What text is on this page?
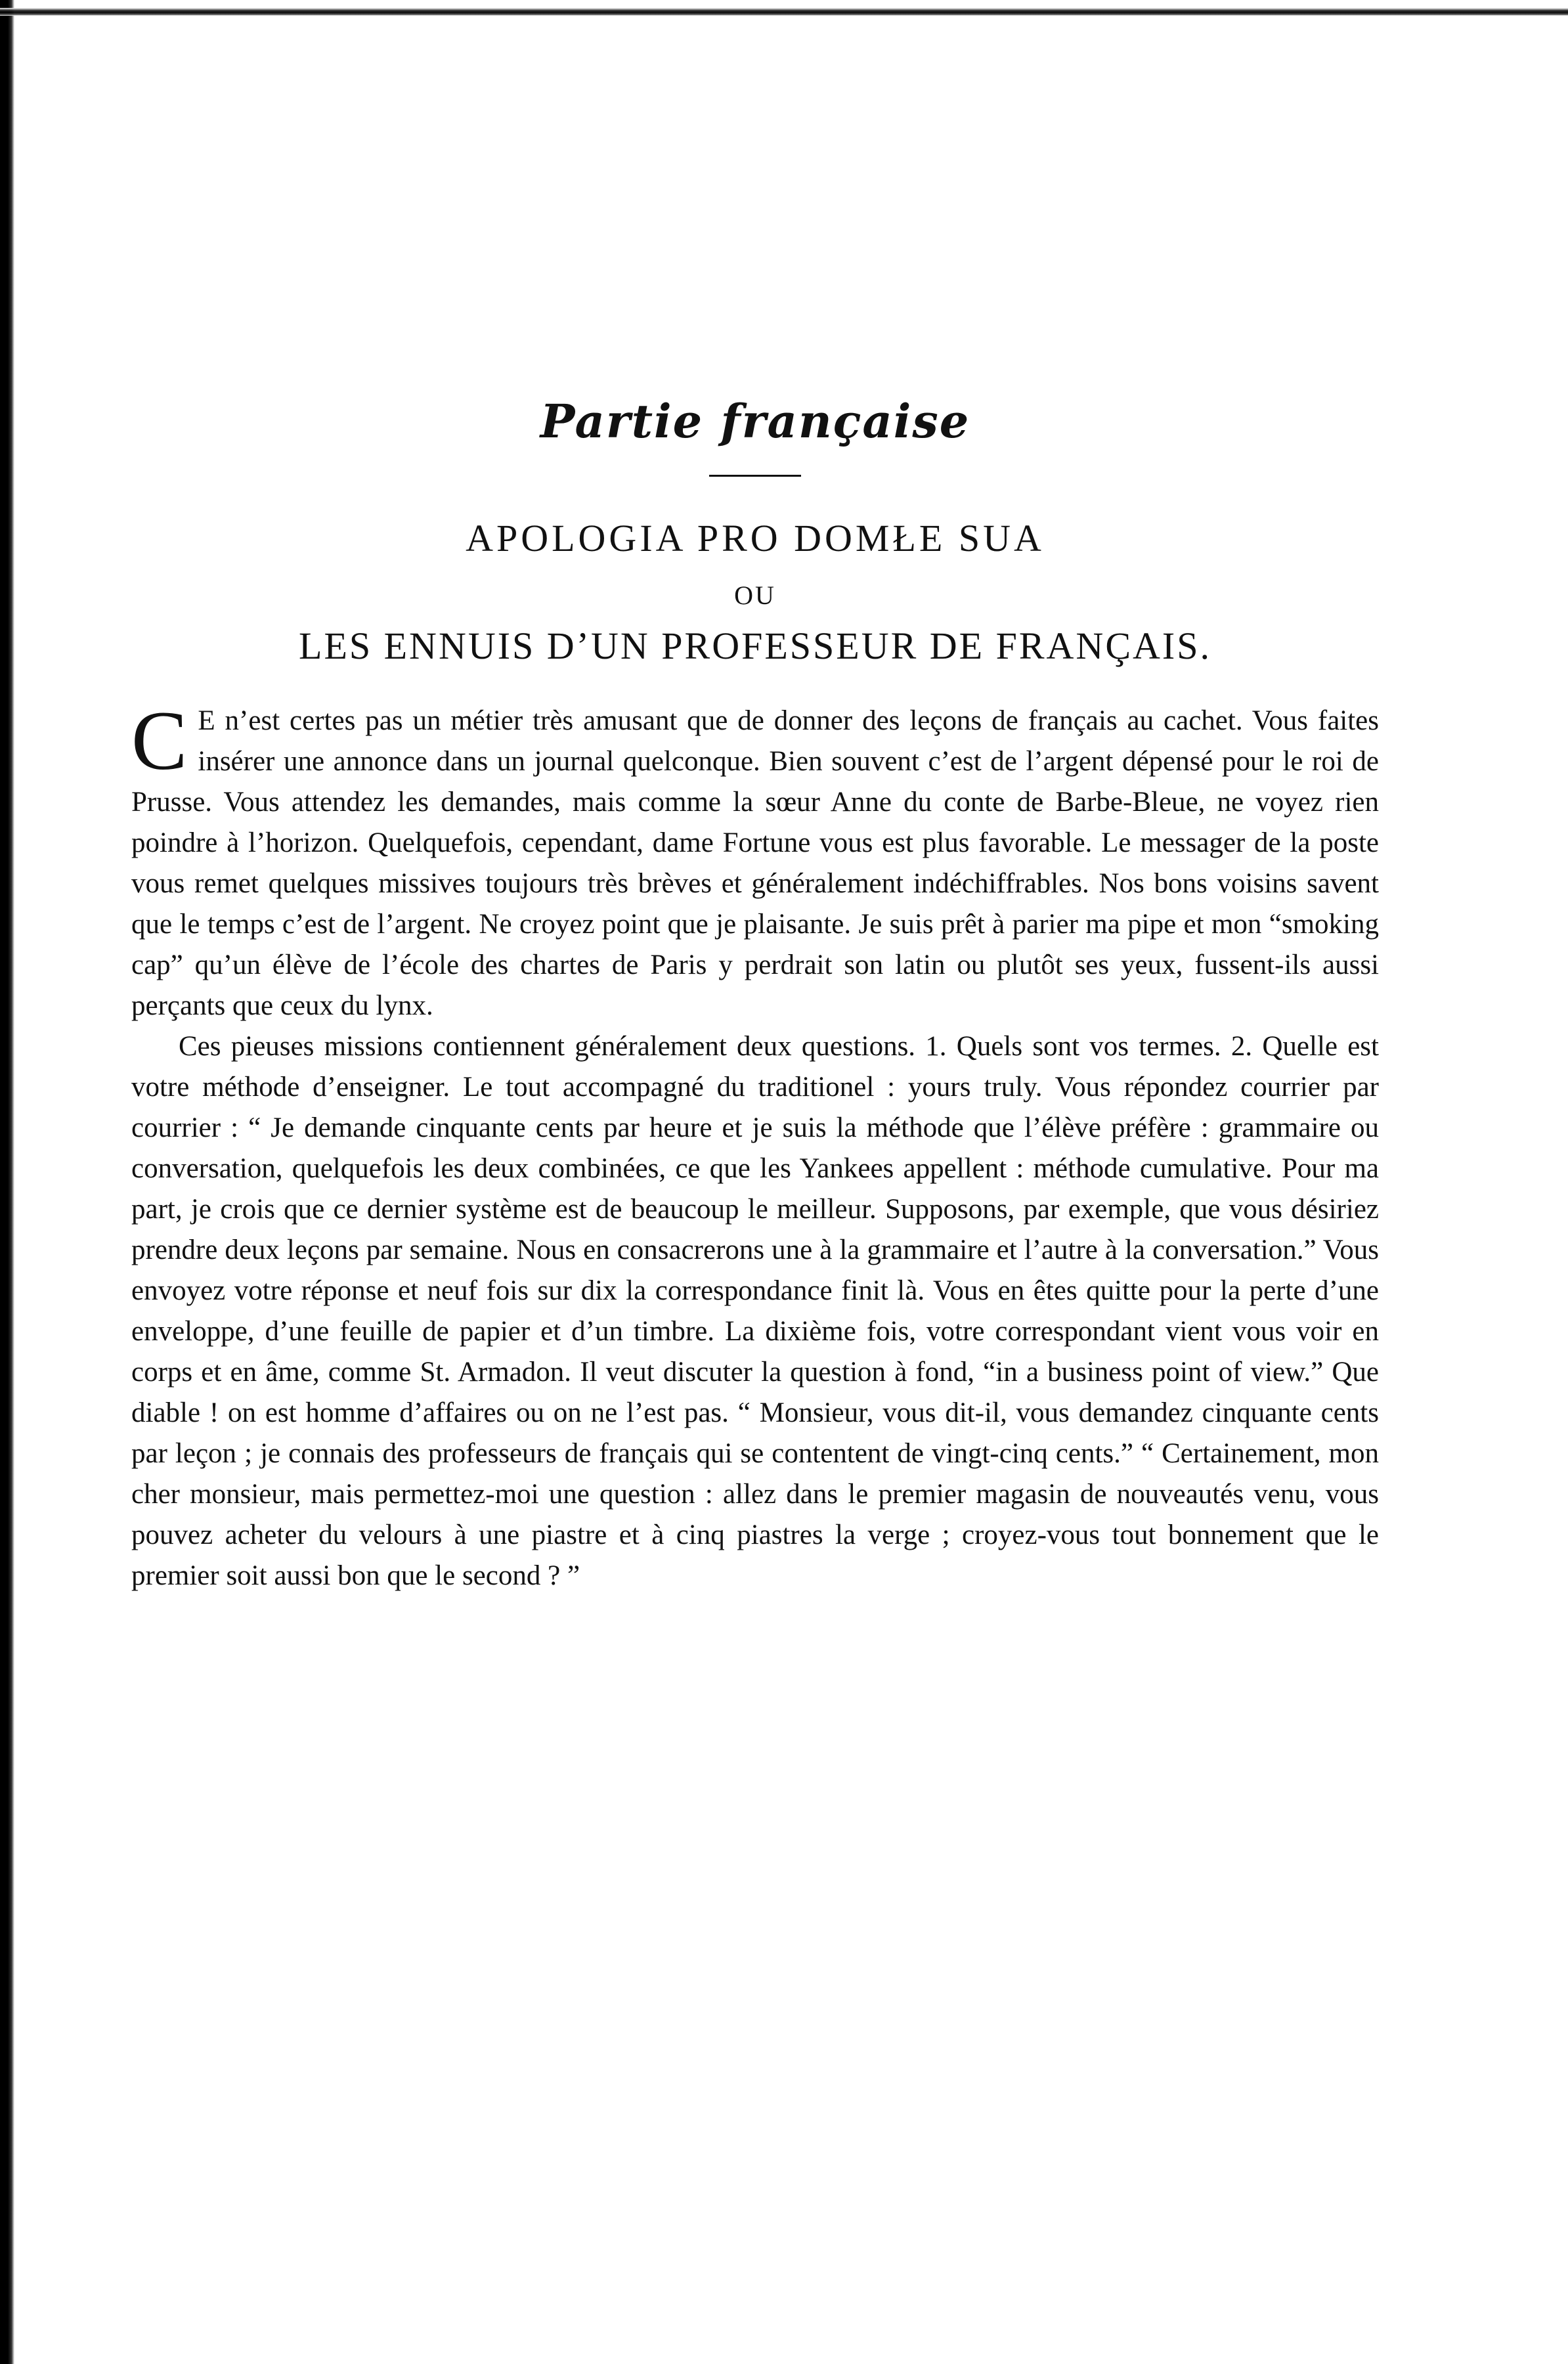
Partie française
APOLOGIA PRO DOMŁE SUA
OU
LES ENNUIS D’UN PROFESSEUR DE FRANÇAIS.

C E n’est certes pas un métier très amusant que de donner des leçons de français au cachet. Vous faites insérer une annonce dans un journal quelconque. Bien souvent c’est de l’argent dépensé pour le roi de Prusse. Vous attendez les demandes, mais comme la sœur Anne du conte de Barbe-Bleue, ne voyez rien poindre à l’horizon. Quelquefois, cependant, dame Fortune vous est plus favorable. Le messager de la poste vous remet quelques missives toujours très brèves et généralement indéchiffrables. Nos bons voisins savent que le temps c’est de l’argent. Ne croyez point que je plaisante. Je suis prêt à parier ma pipe et mon “smoking cap” qu’un élève de l’école des chartes de Paris y perdrait son latin ou plutôt ses yeux, fussent-ils aussi perçants que ceux du lynx.

Ces pieuses missions contiennent généralement deux questions. 1. Quels sont vos termes. 2. Quelle est votre méthode d’enseigner. Le tout accompagné du traditionel : yours truly. Vous répondez courrier par courrier : “ Je demande cinquante cents par heure et je suis la méthode que l’élève préfère : grammaire ou conversation, quelquefois les deux combinées, ce que les Yankees appellent : méthode cumulative. Pour ma part, je crois que ce dernier système est de beaucoup le meilleur. Supposons, par exemple, que vous désiriez prendre deux leçons par semaine. Nous en consacrerons une à la grammaire et l’autre à la conversation.” Vous envoyez votre réponse et neuf fois sur dix la correspondance finit là. Vous en êtes quitte pour la perte d’une enveloppe, d’une feuille de papier et d’un timbre. La dixième fois, votre correspondant vient vous voir en corps et en âme, comme St. Armadon. Il veut discuter la question à fond, “in a business point of view.” Que diable ! on est homme d’affaires ou on ne l’est pas. “ Monsieur, vous dit-il, vous demandez cinquante cents par leçon ; je connais des professeurs de français qui se contentent de vingt-cinq cents.” “ Certainement, mon cher monsieur, mais permettez-moi une question : allez dans le premier magasin de nouveautés venu, vous pouvez acheter du velours à une piastre et à cinq piastres la verge ; croyez-vous tout bonnement que le premier soit aussi bon que le second ? ”
